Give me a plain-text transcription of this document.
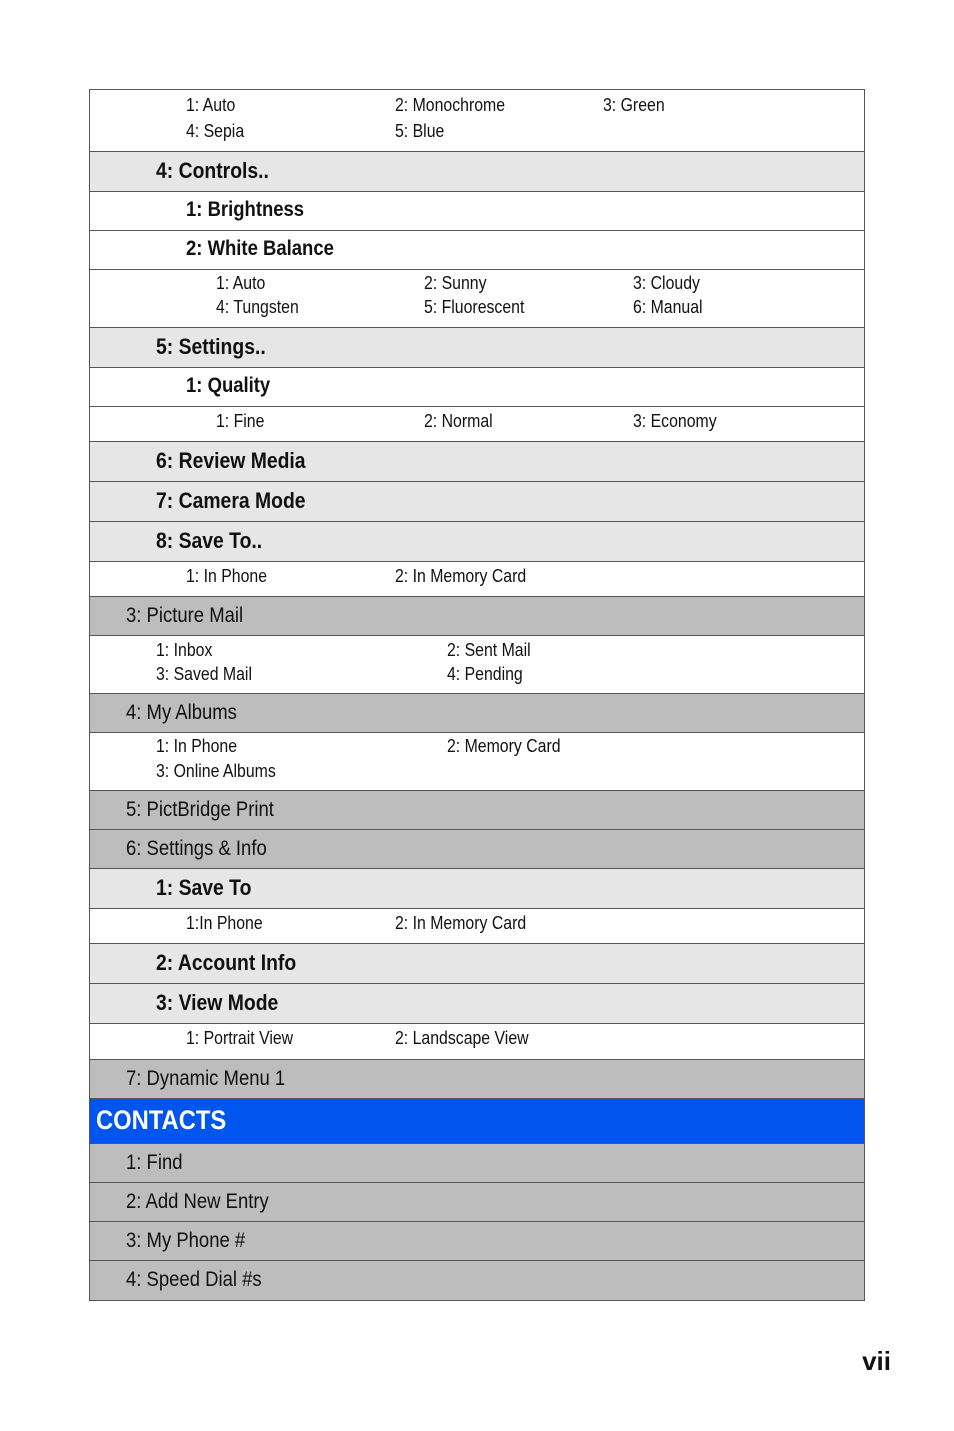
1: Auto	2: Monochrome	3: Green
4: Sepia	5: Blue
4: Controls..
1: Brightness
2: White Balance
1: Auto	2: Sunny	3: Cloudy
4: Tungsten	5: Fluorescent	6: Manual
5: Settings..
1: Quality
1: Fine	2: Normal	3: Economy
6: Review Media
7: Camera Mode
8: Save To..
1: In Phone	2: In Memory Card
3: Picture Mail
1: Inbox	2: Sent Mail
3: Saved Mail	4: Pending
4: My Albums
1: In Phone	2: Memory Card
3: Online Albums
5: PictBridge Print
6: Settings & Info
1: Save To
1:In Phone	2: In Memory Card
2: Account Info
3: View Mode
1: Portrait View	2: Landscape View
7: Dynamic Menu 1
CONTACTS
1: Find
2: Add New Entry
3: My Phone #
4: Speed Dial #s
vii
